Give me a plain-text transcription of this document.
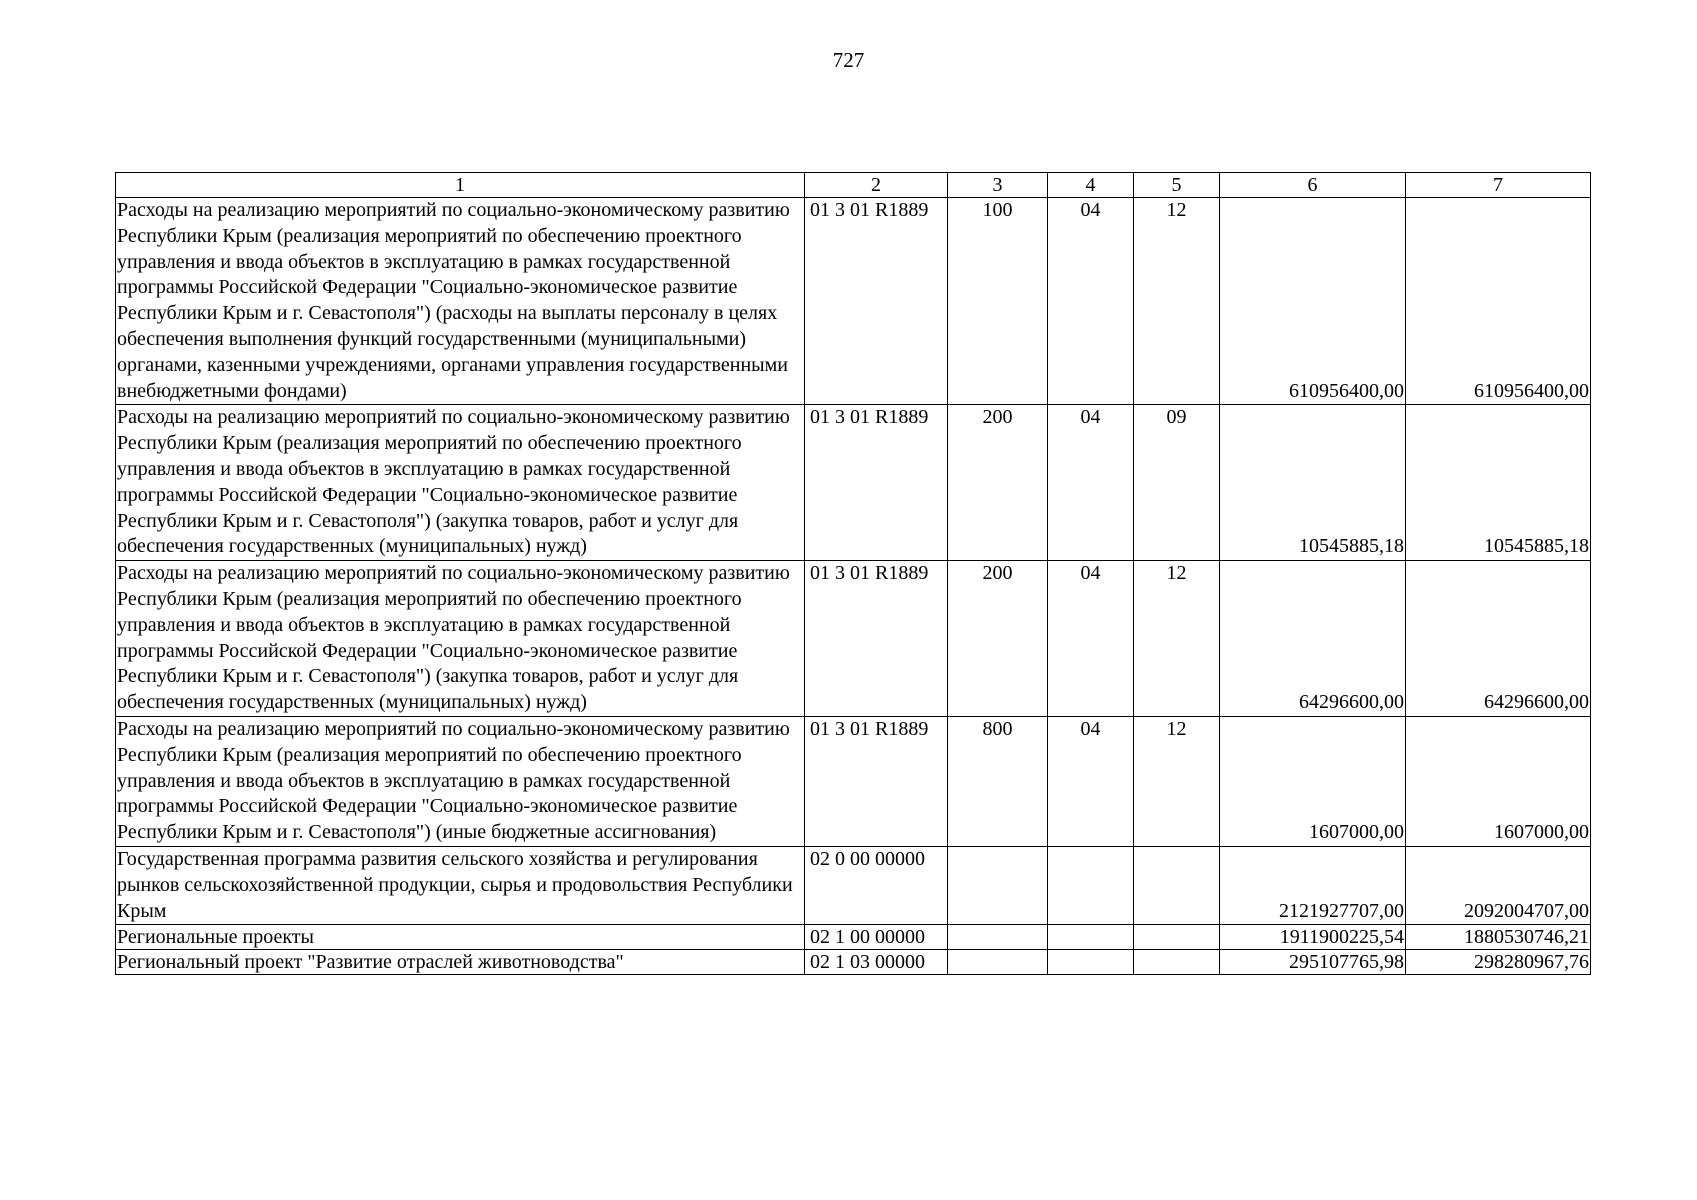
727
1	2	3	4	5	6	7
Расходы на реализацию мероприятий по социально-экономическому развитию Республики Крым (реализация мероприятий по обеспечению проектного управления и ввода объектов в эксплуатацию в рамках государственной программы Российской Федерации "Социально-экономическое развитие Республики Крым и г. Севастополя") (расходы на выплаты персоналу в целях обеспечения выполнения функций государственными (муниципальными) органами, казенными учреждениями, органами управления государственными внебюджетными фондами)	01 3 01 R1889	100	04	12	610956400,00	610956400,00
Расходы на реализацию мероприятий по социально-экономическому развитию Республики Крым (реализация мероприятий по обеспечению проектного управления и ввода объектов в эксплуатацию в рамках государственной программы Российской Федерации "Социально-экономическое развитие Республики Крым и г. Севастополя") (закупка товаров, работ и услуг для обеспечения государственных (муниципальных) нужд)	01 3 01 R1889	200	04	09	10545885,18	10545885,18
Расходы на реализацию мероприятий по социально-экономическому развитию Республики Крым (реализация мероприятий по обеспечению проектного управления и ввода объектов в эксплуатацию в рамках государственной программы Российской Федерации "Социально-экономическое развитие Республики Крым и г. Севастополя") (закупка товаров, работ и услуг для обеспечения государственных (муниципальных) нужд)	01 3 01 R1889	200	04	12	64296600,00	64296600,00
Расходы на реализацию мероприятий по социально-экономическому развитию Республики Крым (реализация мероприятий по обеспечению проектного управления и ввода объектов в эксплуатацию в рамках государственной программы Российской Федерации "Социально-экономическое развитие Республики Крым и г. Севастополя") (иные бюджетные ассигнования)	01 3 01 R1889	800	04	12	1607000,00	1607000,00
Государственная программа развития сельского хозяйства и регулирования рынков сельскохозяйственной продукции, сырья и продовольствия Республики Крым	02 0 00 00000				2121927707,00	2092004707,00
Региональные проекты	02 1 00 00000				1911900225,54	1880530746,21
Региональный проект "Развитие отраслей животноводства"	02 1 03 00000				295107765,98	298280967,76
